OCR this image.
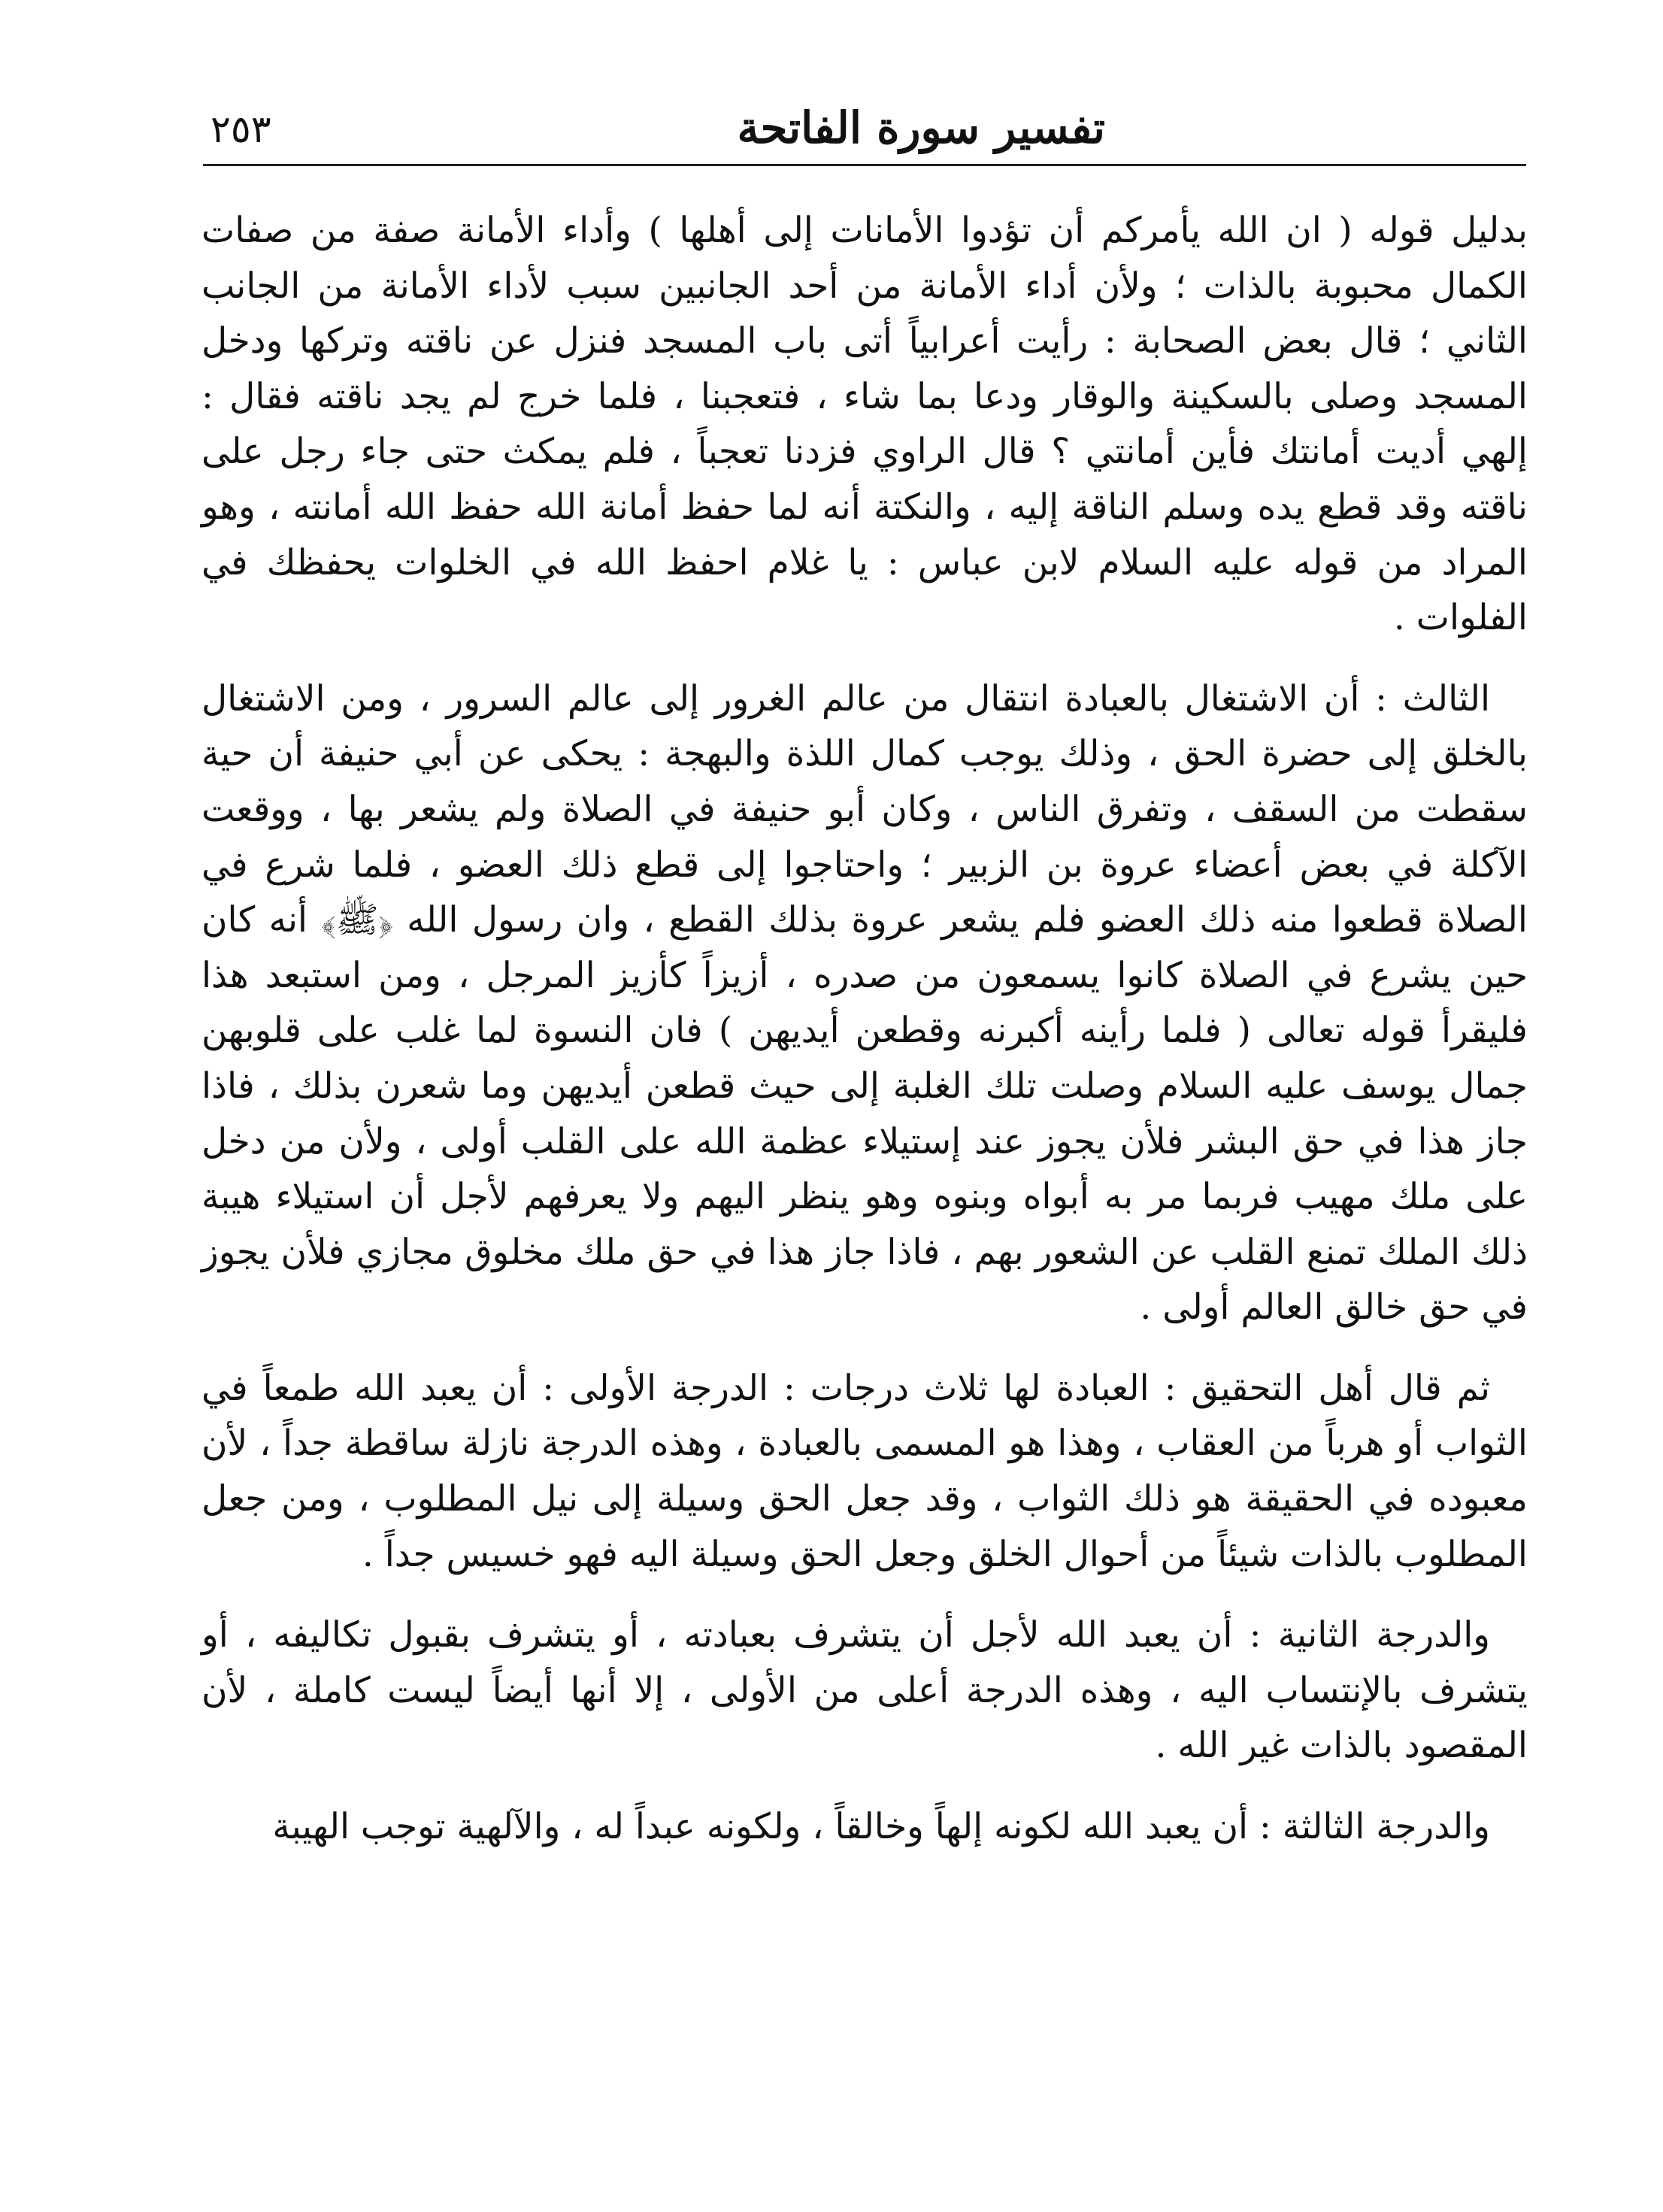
تفسير سورة الفاتحة
٢٥٣

بدليل قوله ( ان الله يأمركم أن تؤدوا الأمانات إلى أهلها ) وأداء الأمانة صفة من صفات الكمال محبوبة بالذات ؛ ولأن أداء الأمانة من أحد الجانبين سبب لأداء الأمانة من الجانب الثاني ؛ قال بعض الصحابة : رأيت أعرابياً أتى باب المسجد فنزل عن ناقته وتركها ودخل المسجد وصلى بالسكينة والوقار ودعا بما شاء ، فتعجبنا ، فلما خرج لم يجد ناقته فقال : إلهي أديت أمانتك فأين أمانتي ؟ قال الراوي فزدنا تعجباً ، فلم يمكث حتى جاء رجل على ناقته وقد قطع يده وسلم الناقة إليه ، والنكتة أنه لما حفظ أمانة الله حفظ الله أمانته ، وهو المراد من قوله عليه السلام لابن عباس : يا غلام احفظ الله في الخلوات يحفظك في الفلوات .

الثالث : أن الاشتغال بالعبادة انتقال من عالم الغرور إلى عالم السرور ، ومن الاشتغال بالخلق إلى حضرة الحق ، وذلك يوجب كمال اللذة والبهجة : يحكى عن أبي حنيفة أن حية سقطت من السقف ، وتفرق الناس ، وكان أبو حنيفة في الصلاة ولم يشعر بها ، ووقعت الآكلة في بعض أعضاء عروة بن الزبير ؛ واحتاجوا إلى قطع ذلك العضو ، فلما شرع في الصلاة قطعوا منه ذلك العضو فلم يشعر عروة بذلك القطع ، وان رسول الله ﴿ﷺ﴾ أنه كان حين يشرع في الصلاة كانوا يسمعون من صدره ، أزيزاً كأزيز المرجل ، ومن استبعد هذا فليقرأ قوله تعالى ( فلما رأينه أكبرنه وقطعن أيديهن ) فان النسوة لما غلب على قلوبهن جمال يوسف عليه السلام وصلت تلك الغلبة إلى حيث قطعن أيديهن وما شعرن بذلك ، فاذا جاز هذا في حق البشر فلأن يجوز عند إستيلاء عظمة الله على القلب أولى ، ولأن من دخل على ملك مهيب فربما مر به أبواه وبنوه وهو ينظر اليهم ولا يعرفهم لأجل أن استيلاء هيبة ذلك الملك تمنع القلب عن الشعور بهم ، فاذا جاز هذا في حق ملك مخلوق مجازي فلأن يجوز في حق خالق العالم أولى .

ثم قال أهل التحقيق : العبادة لها ثلاث درجات : الدرجة الأولى : أن يعبد الله طمعاً في الثواب أو هرباً من العقاب ، وهذا هو المسمى بالعبادة ، وهذه الدرجة نازلة ساقطة جداً ، لأن معبوده في الحقيقة هو ذلك الثواب ، وقد جعل الحق وسيلة إلى نيل المطلوب ، ومن جعل المطلوب بالذات شيئاً من أحوال الخلق وجعل الحق وسيلة اليه فهو خسيس جداً .

والدرجة الثانية : أن يعبد الله لأجل أن يتشرف بعبادته ، أو يتشرف بقبول تكاليفه ، أو يتشرف بالإنتساب اليه ، وهذه الدرجة أعلى من الأولى ، إلا أنها أيضاً ليست كاملة ، لأن المقصود بالذات غير الله .

والدرجة الثالثة : أن يعبد الله لكونه إلهاً وخالقاً ، ولكونه عبداً له ، والآلهية توجب الهيبة
